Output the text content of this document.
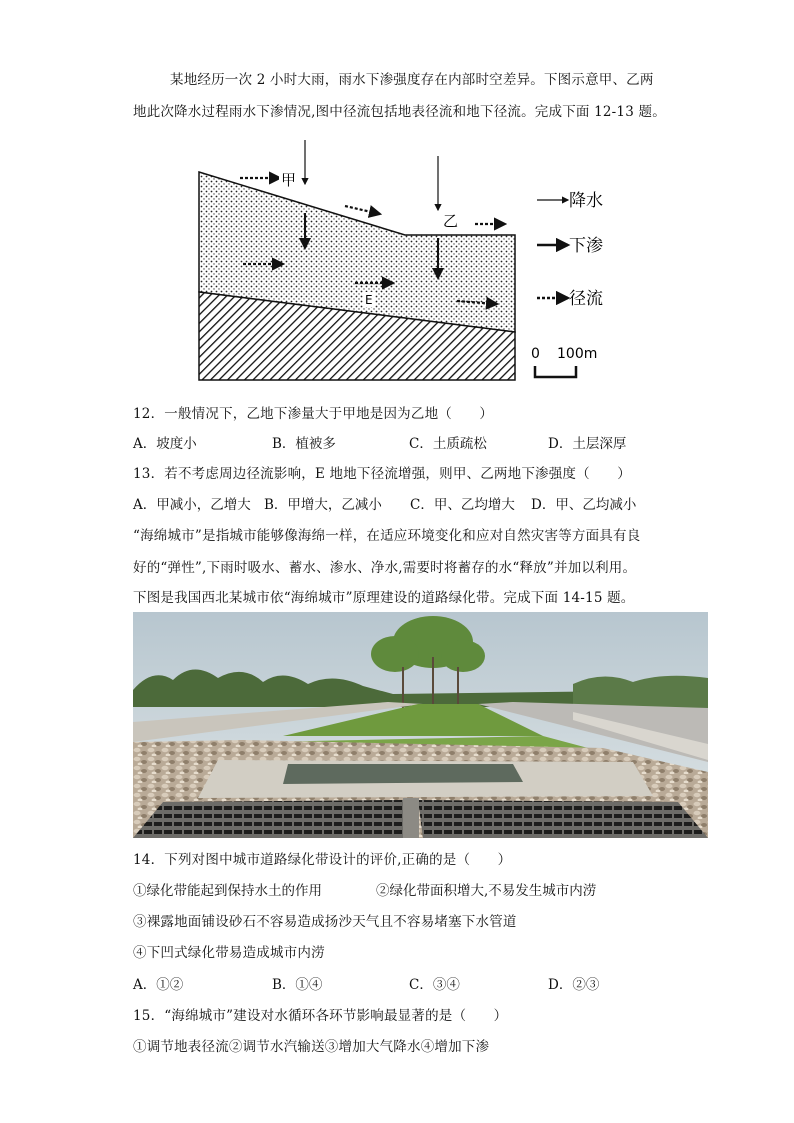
某地经历一次 2 小时大雨，雨水下渗强度存在内部时空差异。下图示意甲、乙两
地此次降水过程雨水下渗情况,图中径流包括地表径流和地下径流。完成下面 12-13 题。
甲
乙
E
降水
下渗
径流
0 100m
12．一般情况下，乙地下渗量大于甲地是因为乙地（　　）
A．坡度小	B．植被多	C．土质疏松	D．土层深厚
13．若不考虑周边径流影响，E 地地下径流增强，则甲、乙两地下渗强度（　　）
A．甲减小，乙增大 B．甲增大，乙减小 C．甲、乙均增大 D．甲、乙均减小
“海绵城市”是指城市能够像海绵一样，在适应环境变化和应对自然灾害等方面具有良
好的“弹性”,下雨时吸水、蓄水、渗水、净水,需要时将蓄存的水“释放”并加以利用。
下图是我国西北某城市依“海绵城市”原理建设的道路绿化带。完成下面 14-15 题。
14．下列对图中城市道路绿化带设计的评价,正确的是（　　）
①绿化带能起到保持水土的作用	②绿化带面积增大,不易发生城市内涝
③裸露地面铺设砂石不容易造成扬沙天气且不容易堵塞下水管道
④下凹式绿化带易造成城市内涝
A．①②	B．①④	C．③④	D．②③
15．“海绵城市”建设对水循环各环节影响最显著的是（　　）
①调节地表径流②调节水汽输送③增加大气降水④增加下渗
